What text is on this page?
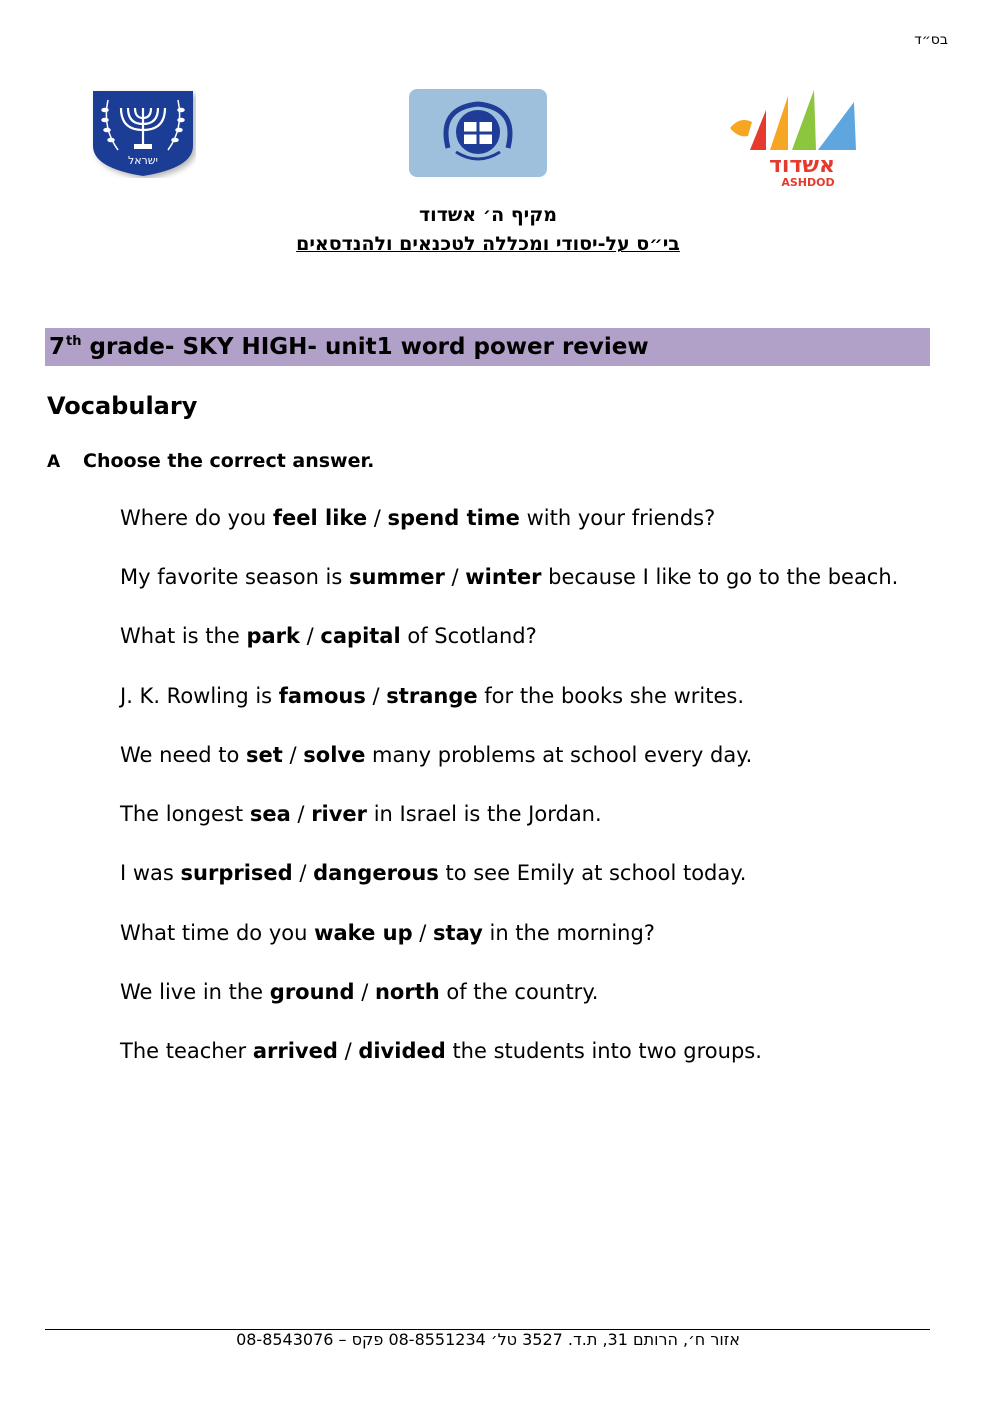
בס״ד
ישראל	אשדוד
ASHDOD
מקיף ה׳ אשדוד
בי״ס על-יסודי ומכללה לטכנאים ולהנדסאים
7th grade- SKY HIGH- unit1 word power review
Vocabulary
A Choose the correct answer.
Where do you feel like / spend time with your friends?
My favorite season is summer / winter because I like to go to the beach.
What is the park / capital of Scotland?
J. K. Rowling is famous / strange for the books she writes.
We need to set / solve many problems at school every day.
The longest sea / river in Israel is the Jordan.
I was surprised / dangerous to see Emily at school today.
What time do you wake up / stay in the morning?
We live in the ground / north of the country.
The teacher arrived / divided the students into two groups.
אזור ח׳, הרותם 31, ת.ד. 3527 טל׳ 08-8551234 פקס – 08-8543076
